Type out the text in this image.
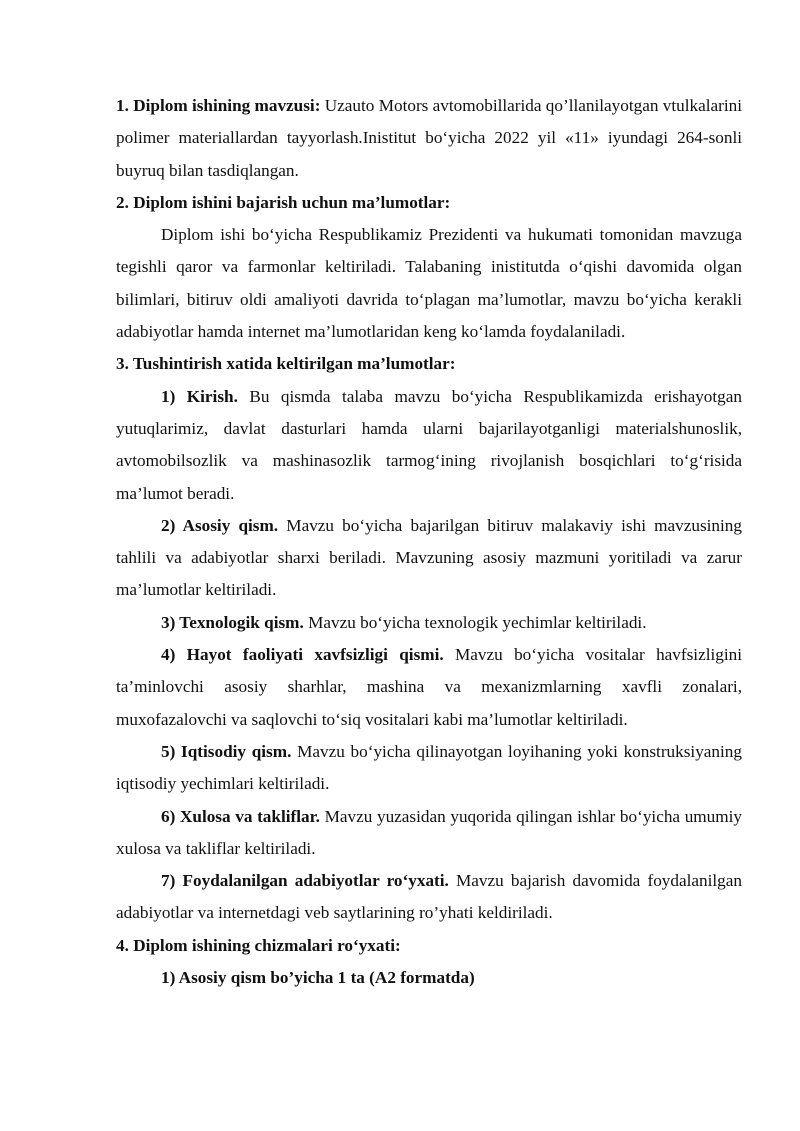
1. Diplom ishining mavzusi: Uzauto Motors avtomobillarida qo’llanilayotgan vtulkalarini polimer materiallardan tayyorlash.Inistitut bo‘yicha 2022 yil «11» iyundagi 264-sonli buyruq bilan tasdiqlangan.

2. Diplom ishini bajarish uchun ma’lumotlar:

Diplom ishi bo‘yicha Respublikamiz Prezidenti va hukumati tomonidan mavzuga tegishli qaror va farmonlar keltiriladi. Talabaning inistitutda o‘qishi davomida olgan bilimlari, bitiruv oldi amaliyoti davrida to‘plagan ma’lumotlar, mavzu bo‘yicha kerakli adabiyotlar hamda internet ma’lumotlaridan keng ko‘lamda foydalaniladi.

3. Tushintirish xatida keltirilgan ma’lumotlar:

1) Kirish. Bu qismda talaba mavzu bo‘yicha Respublikamizda erishayotgan yutuqlarimiz, davlat dasturlari hamda ularni bajarilayotganligi materialshunoslik, avtomobilsozlik va mashinasozlik tarmog‘ining rivojlanish bosqichlari to‘g‘risida ma’lumot beradi.

2) Asosiy qism. Mavzu bo‘yicha bajarilgan bitiruv malakaviy ishi mavzusining tahlili va adabiyotlar sharxi beriladi. Mavzuning asosiy mazmuni yoritiladi va zarur ma’lumotlar keltiriladi.

3) Texnologik qism. Mavzu bo‘yicha texnologik yechimlar keltiriladi.

4) Hayot faoliyati xavfsizligi qismi. Mavzu bo‘yicha vositalar havfsizligini ta’minlovchi asosiy sharhlar, mashina va mexanizmlarning xavfli zonalari, muxofazalovchi va saqlovchi to‘siq vositalari kabi ma’lumotlar keltiriladi.

5) Iqtisodiy qism. Mavzu bo‘yicha qilinayotgan loyihaning yoki konstruksiyaning iqtisodiy yechimlari keltiriladi.

6) Xulosa va takliflar. Mavzu yuzasidan yuqorida qilingan ishlar bo‘yicha umumiy xulosa va takliflar keltiriladi.

7) Foydalanilgan adabiyotlar ro‘yxati. Mavzu bajarish davomida foydalanilgan adabiyotlar va internetdagi veb saytlarining ro’yhati keldiriladi.

4. Diplom ishining chizmalari ro‘yxati:

1) Asosiy qism bo’yicha 1 ta (A2 formatda)
